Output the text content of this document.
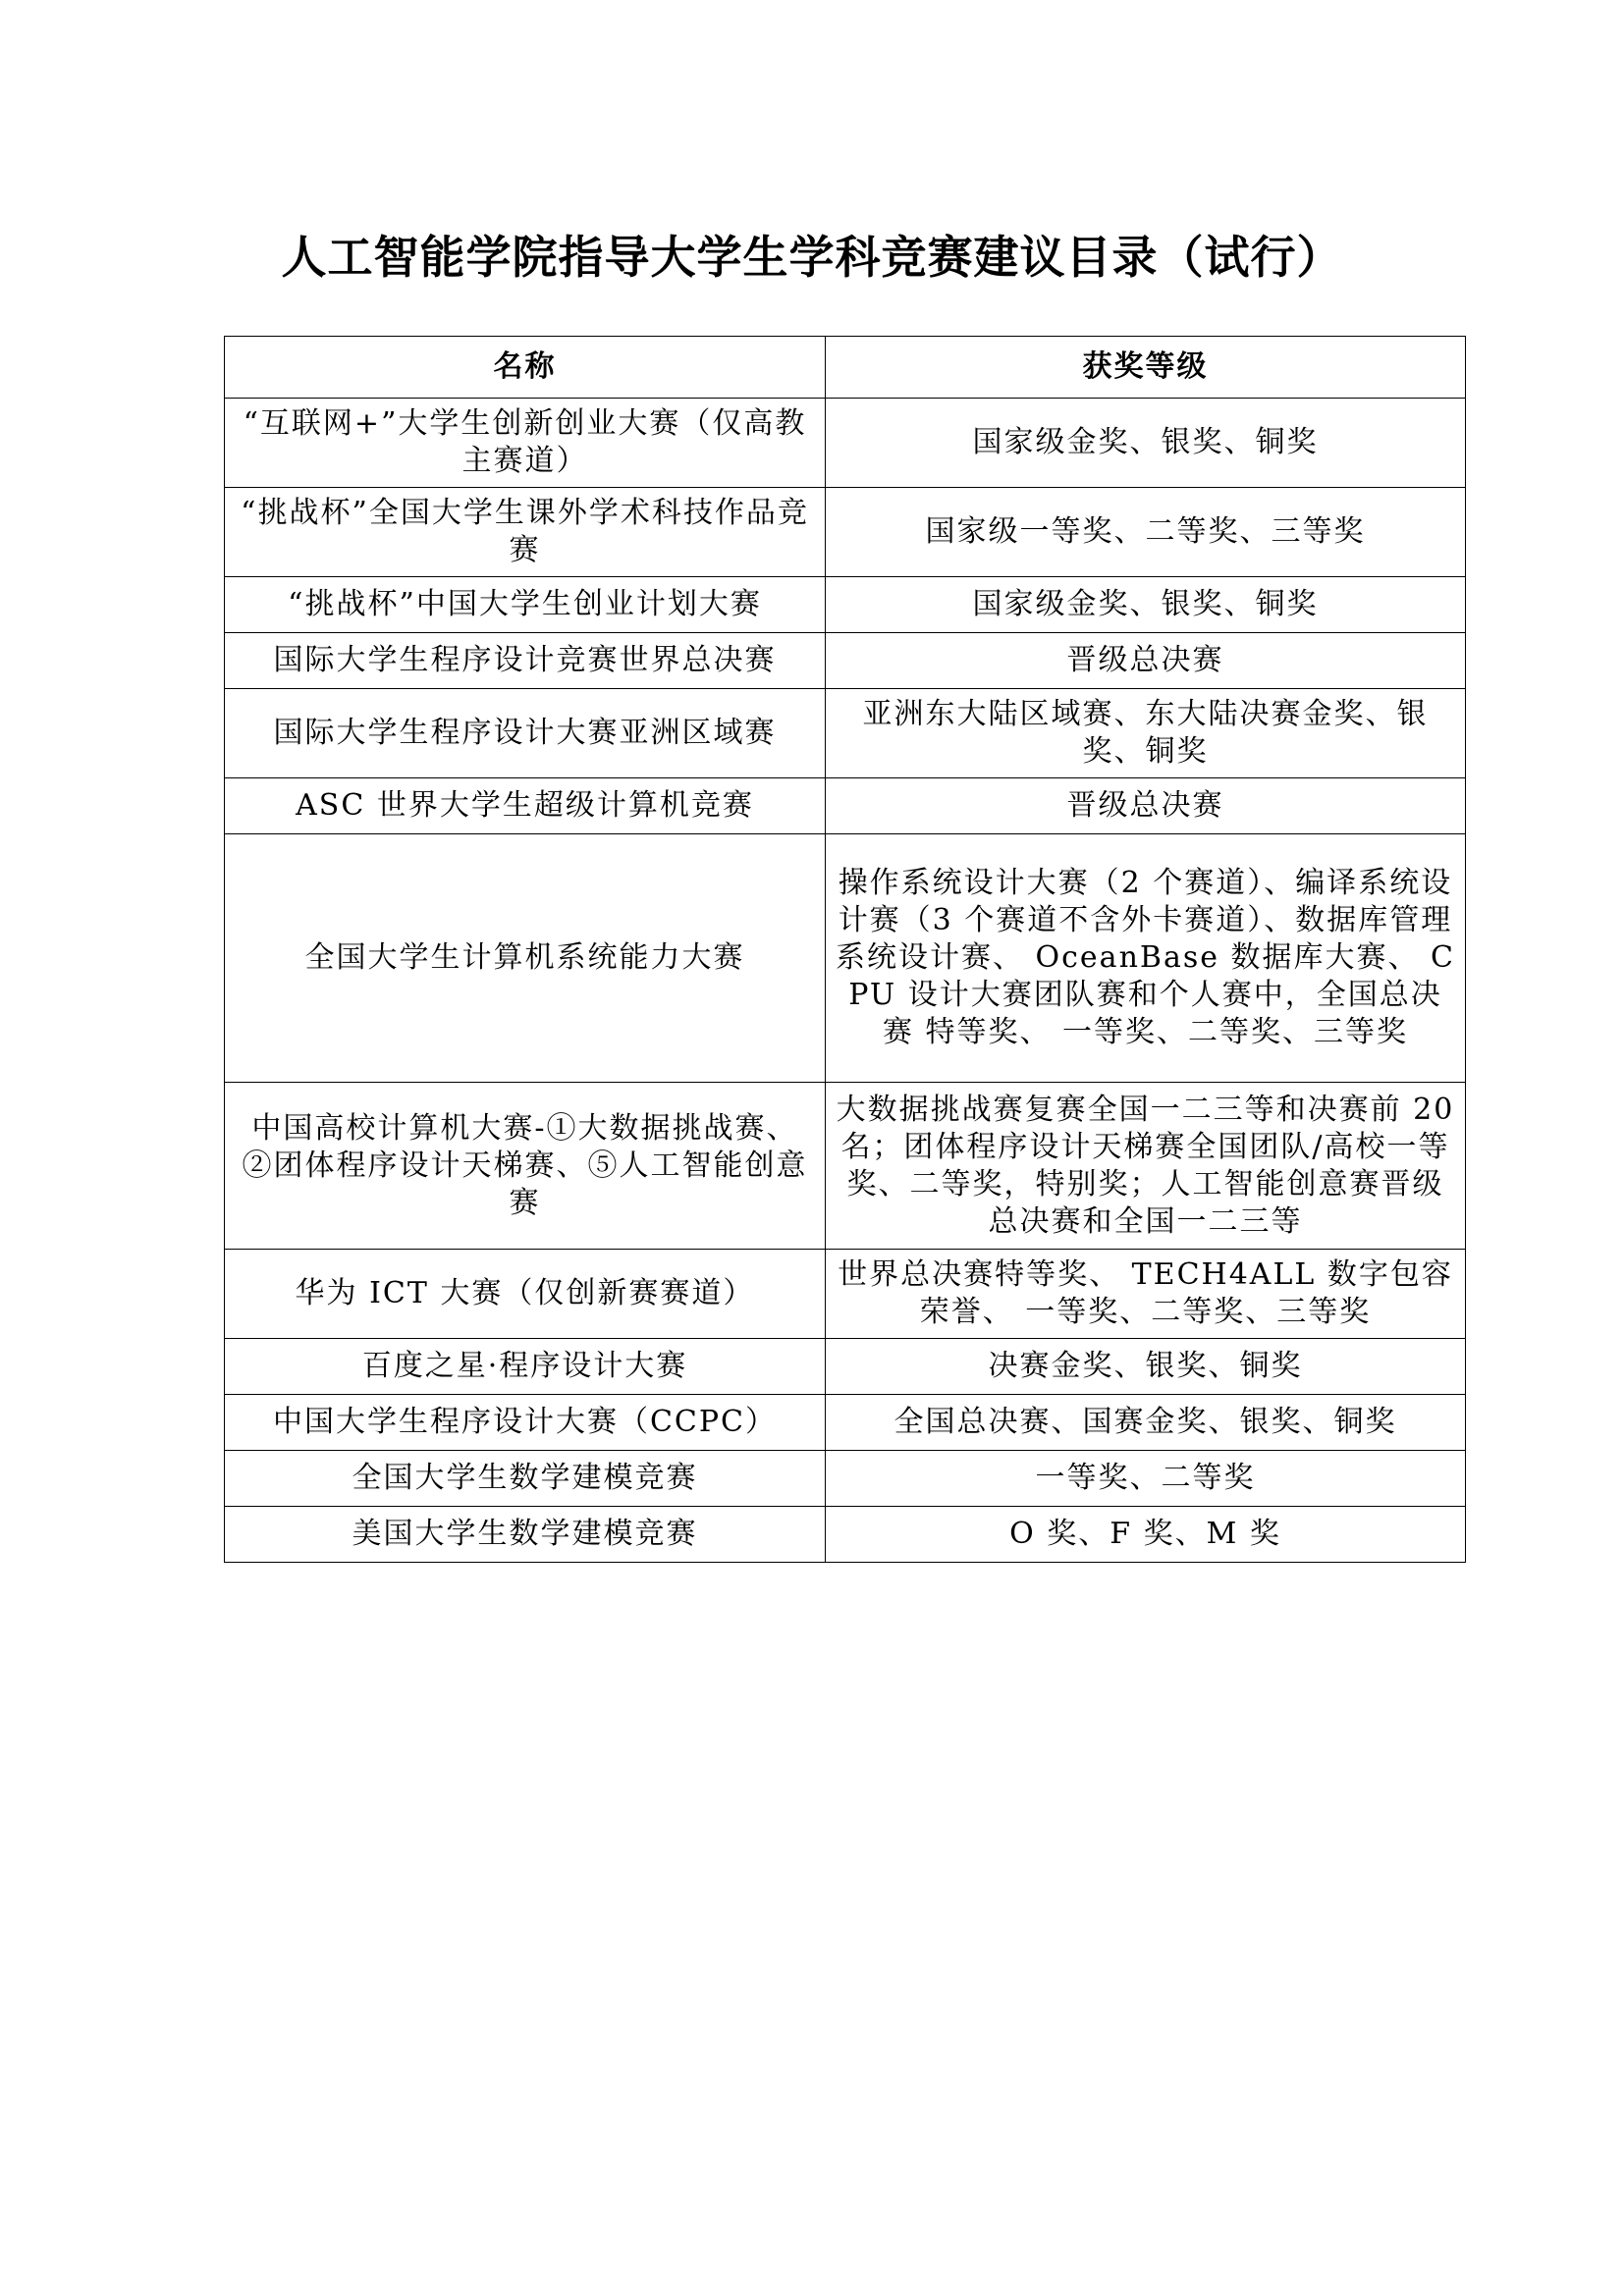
人工智能学院指导大学生学科竞赛建议目录（试行）
名称	获奖等级
“互联网+”大学生创新创业大赛（仅高教主赛道）	国家级金奖、银奖、铜奖
“挑战杯”全国大学生课外学术科技作品竞赛	国家级一等奖、二等奖、三等奖
“挑战杯”中国大学生创业计划大赛	国家级金奖、银奖、铜奖
国际大学生程序设计竞赛世界总决赛	晋级总决赛
国际大学生程序设计大赛亚洲区域赛	亚洲东大陆区域赛、东大陆决赛金奖、银奖、铜奖
ASC 世界大学生超级计算机竞赛	晋级总决赛
全国大学生计算机系统能力大赛	操作系统设计大赛（2 个赛道）、编译系统设计赛（3 个赛道不含外卡赛道）、数据库管理系统设计赛、 OceanBase 数据库大赛、 CPU 设计大赛团队赛和个人赛中，全国总决赛 特等奖、 一等奖、二等奖、三等奖
中国高校计算机大赛-①大数据挑战赛、②团体程序设计天梯赛、⑤人工智能创意赛	大数据挑战赛复赛全国一二三等和决赛前 20 名；团体程序设计天梯赛全国团队/高校一等奖、二等奖，特别奖；人工智能创意赛晋级总决赛和全国一二三等
华为 ICT 大赛（仅创新赛赛道）	世界总决赛特等奖、 TECH4ALL 数字包容荣誉、 一等奖、二等奖、三等奖
百度之星·程序设计大赛	决赛金奖、银奖、铜奖
中国大学生程序设计大赛（CCPC）	全国总决赛、国赛金奖、银奖、铜奖
全国大学生数学建模竞赛	一等奖、二等奖
美国大学生数学建模竞赛	O 奖、F 奖、M 奖
